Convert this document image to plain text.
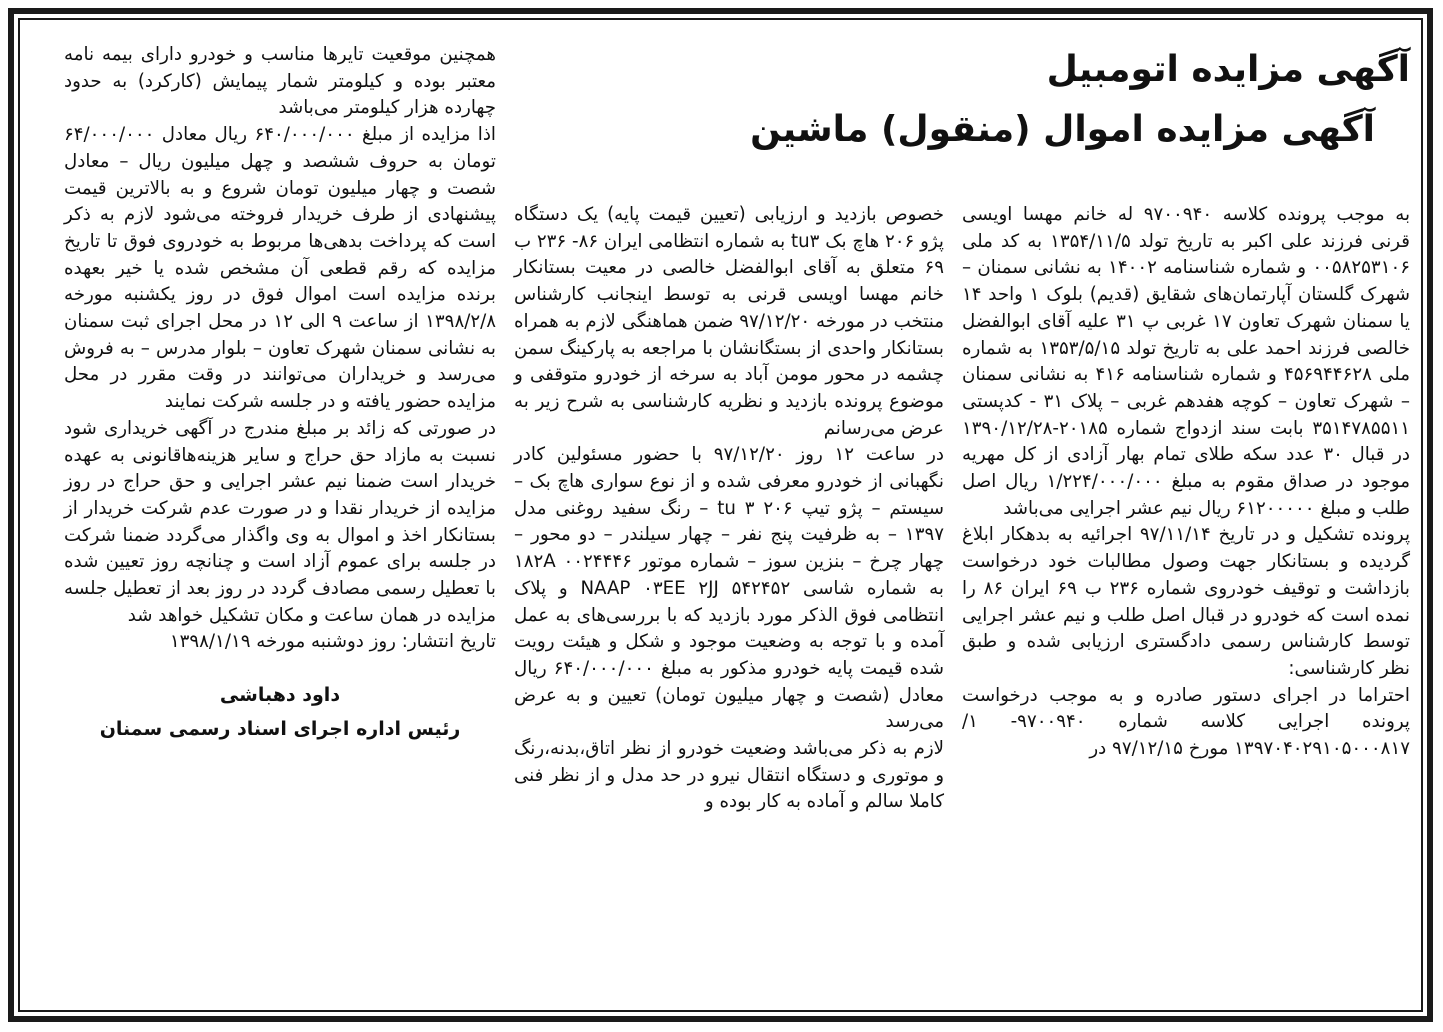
آگهی مزایده اتومبیل
آگهی مزایده اموال (منقول) ماشین

به موجب پرونده کلاسه ۹۷۰۰۹۴۰ له خانم مهسا اویسی قرنی فرزند علی اکبر به تاریخ تولد ۱۳۵۴/۱۱/۵ به کد ملی ۰۰۵۸۲۵۳۱۰۶ و شماره شناسنامه ۱۴۰۰۲ به نشانی سمنان – شهرک گلستان آپارتمان‌های شقایق (قدیم) بلوک ۱ واحد ۱۴ یا سمنان شهرک تعاون ۱۷ غربی پ ۳۱ علیه آقای ابوالفضل خالصی فرزند احمد علی به تاریخ تولد ۱۳۵۳/۵/۱۵ به شماره ملی ۴۵۶۹۴۴۶۲۸ و شماره شناسنامه ۴۱۶ به نشانی سمنان – شهرک تعاون – کوچه هفدهم غربی – پلاک ۳۱ - کدپستی ۳۵۱۴۷۸۵۵۱۱ بابت سند ازدواج شماره ۲۰۱۸۵-۱۳۹۰/۱۲/۲۸ در قبال ۳۰ عدد سکه طلای تمام بهار آزادی از کل مهریه موجود در صداق مقوم به مبلغ ۱/۲۲۴/۰۰۰/۰۰۰ ریال اصل طلب و مبلغ ۶۱۲۰۰۰۰۰ ریال نیم عشر اجرایی می‌باشد

پرونده تشکیل و در تاریخ ۹۷/۱۱/۱۴ اجرائیه به بدهکار ابلاغ گردیده و بستانکار جهت وصول مطالبات خود درخواست بازداشت و توقیف خودروی شماره ۲۳۶ ب ۶۹ ایران ۸۶ را نمده است که خودرو در قبال اصل طلب و نیم عشر اجرایی توسط کارشناس رسمی دادگستری ارزیابی شده و طبق نظر کارشناسی:

احتراما در اجرای دستور صادره و به موجب درخواست پرونده اجرایی کلاسه شماره ۹۷۰۰۹۴۰- ۱/ ۱۳۹۷۰۴۰۲۹۱۰۵۰۰۰۸۱۷ مورخ ۹۷/۱۲/۱۵ در

خصوص بازدید و ارزیابی (تعیین قیمت پایه) یک دستگاه پژو ۲۰۶ هاچ بک tu۳ به شماره انتظامی ایران ۸۶- ۲۳۶ ب ۶۹ متعلق به آقای ابوالفضل خالصی در معیت بستانکار خانم مهسا اویسی قرنی به توسط اینجانب کارشناس منتخب در مورخه ۹۷/۱۲/۲۰ ضمن هماهنگی لازم به همراه بستانکار واحدی از بستگانشان با مراجعه به پارکینگ سمن چشمه در محور مومن آباد به سرخه از خودرو متوقفی و موضوع پرونده بازدید و نظریه کارشناسی به شرح زیر به عرض می‌رسانم

در ساعت ۱۲ روز ۹۷/۱۲/۲۰ با حضور مسئولین کادر نگهبانی از خودرو معرفی شده و از نوع سواری هاچ بک – سیستم – پژو تیپ ۲۰۶ tu ۳ – رنگ سفید روغنی مدل ۱۳۹۷ – به ظرفیت پنج نفر – چهار سیلندر – دو محور – چهار چرخ – بنزین سوز – شماره موتور ۱۸۲A ۰۰۲۴۴۴۶ به شماره شاسی NAAP ۰۳EE ۲JJ ۵۴۲۴۵۲ و پلاک انتظامی فوق الذکر مورد بازدید که با بررسی‌های به عمل آمده و با توجه به وضعیت موجود و شکل و هیئت رویت شده قیمت پایه خودرو مذکور به مبلغ ۶۴۰/۰۰۰/۰۰۰ ریال معادل (شصت و چهار میلیون تومان) تعیین و به عرض می‌رسد

لازم به ذکر می‌باشد وضعیت خودرو از نظر اتاق،بدنه،رنگ و موتوری و دستگاه انتقال نیرو در حد مدل و از نظر فنی کاملا سالم و آماده به کار بوده و

همچنین موقعیت تایرها مناسب و خودرو دارای بیمه نامه معتبر بوده و کیلومتر شمار پیمایش (کارکرد) به حدود چهارده هزار کیلومتر می‌باشد

اذا مزایده از مبلغ ۶۴۰/۰۰۰/۰۰۰ ریال معادل ۶۴/۰۰۰/۰۰۰ تومان به حروف ششصد و چهل میلیون ریال – معادل شصت و چهار میلیون تومان شروع و به بالاترین قیمت پیشنهادی از طرف خریدار فروخته می‌شود لازم به ذکر است که پرداخت بدهی‌ها مربوط به خودروی فوق تا تاریخ مزایده که رقم قطعی آن مشخص شده یا خیر بعهده برنده مزایده است اموال فوق در روز یکشنبه مورخه ۱۳۹۸/۲/۸ از ساعت ۹ الی ۱۲ در محل اجرای ثبت سمنان به نشانی سمنان شهرک تعاون – بلوار مدرس – به فروش می‌رسد و خریداران می‌توانند در وقت مقرر در محل مزایده حضور یافته و در جلسه شرکت نمایند

در صورتی که زائد بر مبلغ مندرج در آگهی خریداری شود نسبت به مازاد حق حراج و سایر هزینه‌هاقانونی به عهده خریدار است ضمنا نیم عشر اجرایی و حق حراج در روز مزایده از خریدار نقدا و در صورت عدم شرکت خریدار از بستانکار اخذ و اموال به وی واگذار می‌گردد ضمنا شرکت در جلسه برای عموم آزاد است و چنانچه روز تعیین شده با تعطیل رسمی مصادف گردد در روز بعد از تعطیل جلسه مزایده در همان ساعت و مکان تشکیل خواهد شد

تاریخ انتشار: روز دوشنبه مورخه ۱۳۹۸/۱/۱۹

داود دهباشی
رئیس اداره اجرای اسناد رسمی سمنان
